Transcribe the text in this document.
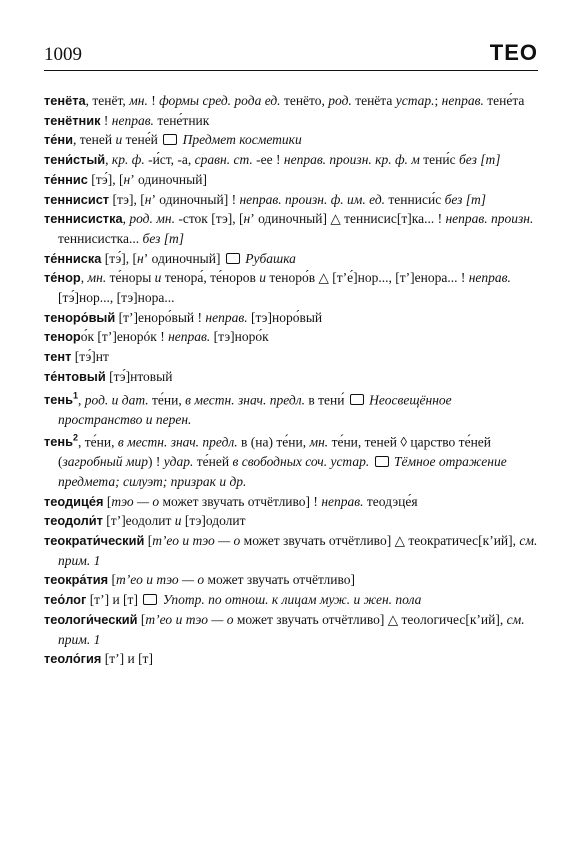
1009	ТЕО

тенёта, тенёт, мн. ! формы сред. рода ед. тенёто, род. тенёта устар.; неправ. тене́та

тенётник ! неправ. тене́тник

те́ни, теней и тене́й  Предмет косметики

тени́стый, кр. ф. -и́ст, -а, сравн. ст. -ее ! неправ. произн. кр. ф. м тени́с без [т]

те́ннис [тэ́], [нʼ одиночный]

теннисист [тэ], [нʼ одиночный] ! неправ. произн. ф. им. ед. тенниси́с без [т]

теннисистка, род. мн. -сток [тэ], [нʼ одиночный] △ теннисис[т]ка... ! неправ. произн. теннисистка... без [т]

те́нниска [тэ́], [нʼ одиночный]  Рубашка

те́нор, мн. те́норы и тенора́, те́норов и теноро́в △ [тʼе́]нор..., [тʼ]енора... ! неправ. [тэ́]нор..., [тэ]нора...

теноро́вый [тʼ]еноро́вый ! неправ. [тэ]норо́вый

теноро́к [тʼ]енорóк ! неправ. [тэ]норо́к

тент [тэ́]нт

те́нтовый [тэ́]нтовый

тень$^1$, род. и дат. те́ни, в местн. знач. предл. в тени́  Неосвещённое пространство и перен.

тень$^2$, те́ни, в местн. знач. предл. в (на) те́ни, мн. те́ни, теней ◊ царство те́ней (загробный мир) ! удар. те́ней в свободных соч. устар.  Тёмное отражение предмета; силуэт; призрак и др.

теодице́я [тэо — о может звучать отчётливо] ! неправ. теодэце́я

теодоли́т [тʼ]еодолит и [тэ]одолит

теократи́ческий [тʼео и тэо — о может звучать отчётливо] △ теократичес[кʼий], см. прим. 1

теокра́тия [тʼео и тэо — о может звучать отчётливо]

тео́лог [тʼ] и [т]  Употр. по отнош. к лицам муж. и жен. пола

теологи́ческий [тʼео и тэо — о может звучать отчётливо] △ теологичес[кʼий], см. прим. 1

теоло́гия [тʼ] и [т]
